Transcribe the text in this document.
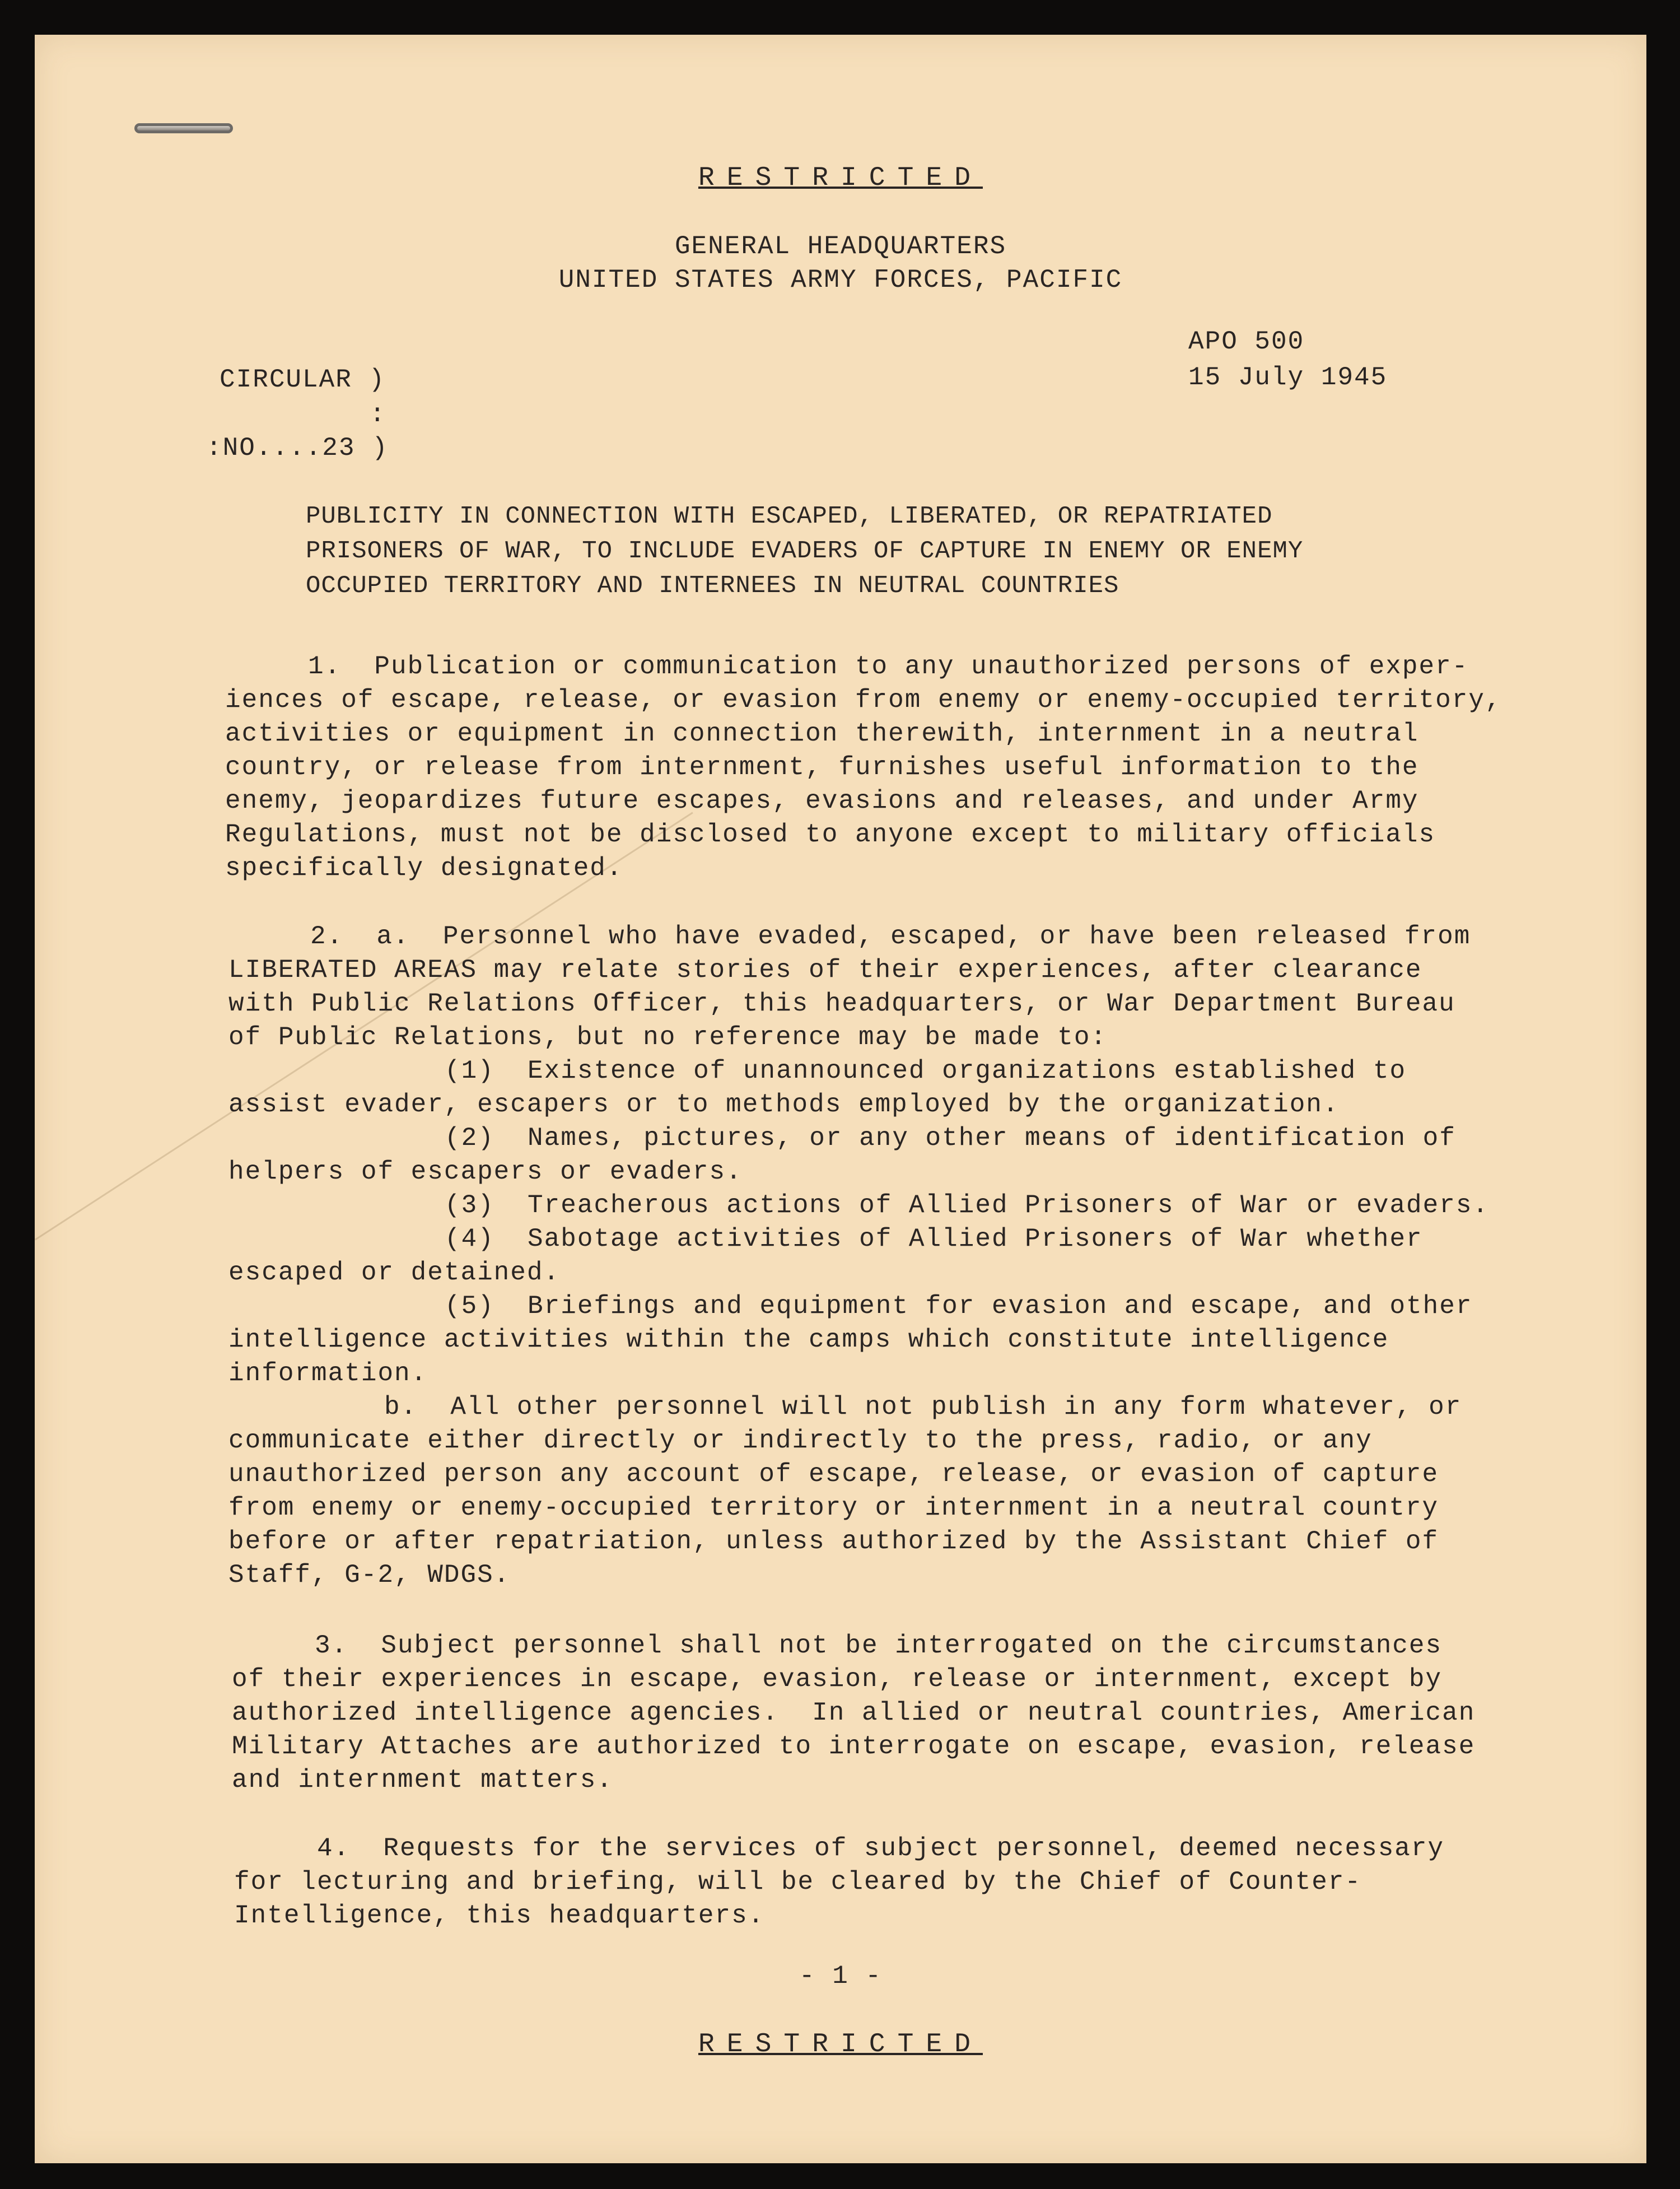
RESTRICTED
GENERAL HEADQUARTERS
UNITED STATES ARMY FORCES, PACIFIC
APO 500
15 July 1945
CIRCULAR )
:
:NO....23 )
PUBLICITY IN CONNECTION WITH ESCAPED, LIBERATED, OR REPATRIATED
PRISONERS OF WAR, TO INCLUDE EVADERS OF CAPTURE IN ENEMY OR ENEMY
OCCUPIED TERRITORY AND INTERNEES IN NEUTRAL COUNTRIES
1.  Publication or communication to any unauthorized persons of exper-
iences of escape, release, or evasion from enemy or enemy-occupied territory,
activities or equipment in connection therewith, internment in a neutral
country, or release from internment, furnishes useful information to the
enemy, jeopardizes future escapes, evasions and releases, and under Army
Regulations, must not be disclosed to anyone except to military officials
specifically designated.
2.  a.  Personnel who have evaded, escaped, or have been released from
LIBERATED AREAS may relate stories of their experiences, after clearance
with Public Relations Officer, this headquarters, or War Department Bureau
of Public Relations, but no reference may be made to:
(1)  Existence of unannounced organizations established to
assist evader, escapers or to methods employed by the organization.
(2)  Names, pictures, or any other means of identification of
helpers of escapers or evaders.
(3)  Treacherous actions of Allied Prisoners of War or evaders.
(4)  Sabotage activities of Allied Prisoners of War whether
escaped or detained.
(5)  Briefings and equipment for evasion and escape, and other
intelligence activities within the camps which constitute intelligence
information.
b.  All other personnel will not publish in any form whatever, or
communicate either directly or indirectly to the press, radio, or any
unauthorized person any account of escape, release, or evasion of capture
from enemy or enemy-occupied territory or internment in a neutral country
before or after repatriation, unless authorized by the Assistant Chief of
Staff, G-2, WDGS.
3.  Subject personnel shall not be interrogated on the circumstances
of their experiences in escape, evasion, release or internment, except by
authorized intelligence agencies.  In allied or neutral countries, American
Military Attaches are authorized to interrogate on escape, evasion, release
and internment matters.
4.  Requests for the services of subject personnel, deemed necessary
for lecturing and briefing, will be cleared by the Chief of Counter-
Intelligence, this headquarters.
- 1 -
RESTRICTED
